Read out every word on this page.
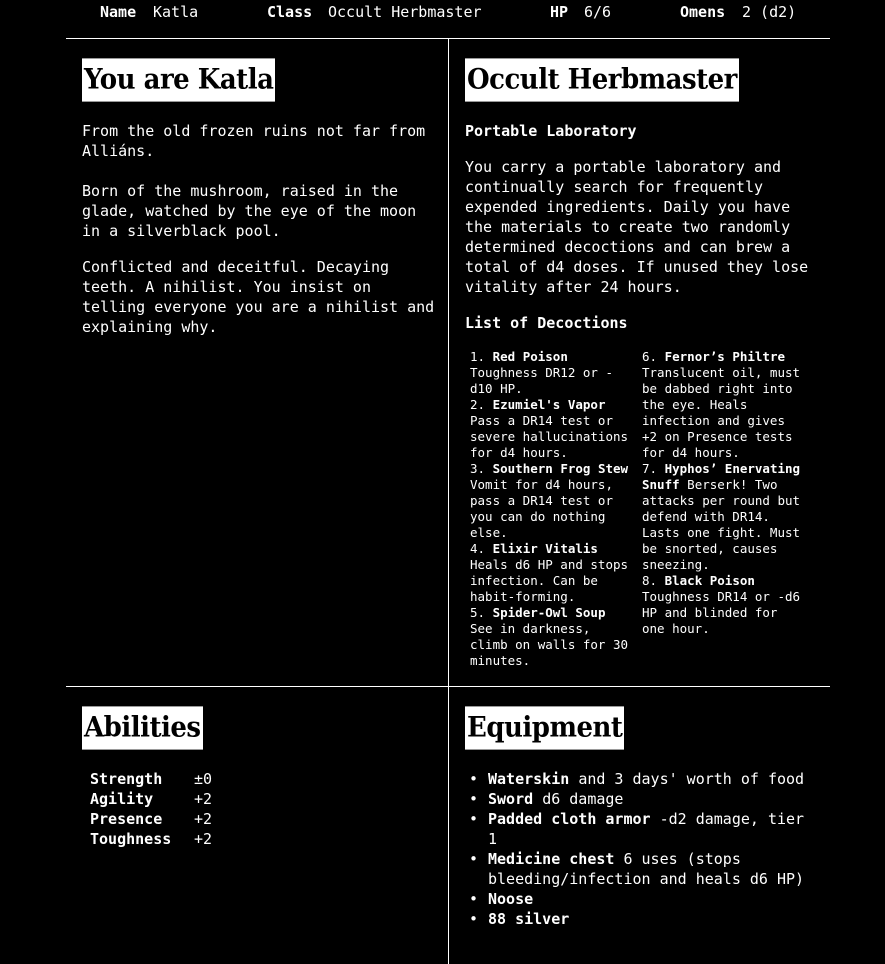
Name Katla	Class Occult Herbmaster	HP 6/6	Omens 2 (d2)
You are Katla

From the old frozen ruins not far from Alliáns.

Born of the mushroom, raised in the glade, watched by the eye of the moon in a silverblack pool.

Conflicted and deceitful. Decaying teeth. A nihilist. You insist on telling everyone you are a nihilist and explaining why.

Occult Herbmaster

Portable Laboratory

You carry a portable laboratory and continually search for frequently expended ingredients. Daily you have the materials to create two randomly determined decoctions and can brew a total of d4 doses. If unused they lose vitality after 24 hours.

List of Decoctions

1. Red Poison
Toughness DR12 or -d10 HP.
2. Ezumiel's Vapor
Pass a DR14 test or severe hallucinations for d4 hours.
3. Southern Frog Stew
Vomit for d4 hours, pass a DR14 test or you can do nothing else.
4. Elixir Vitalis
Heals d6 HP and stops infection. Can be habit-forming.
5. Spider-Owl Soup See in darkness, climb on walls for 30 minutes.
6. Fernor’s Philtre
Translucent oil, must be dabbed right into the eye. Heals infection and gives +2 on Presence tests for d4 hours.
7. Hyphos’ Enervating Snuff Berserk! Two attacks per round but defend with DR14. Lasts one fight. Must be snorted, causes sneezing.
8. Black Poison
Toughness DR14 or -d6 HP and blinded for one hour.
Abilities
Strength ±0
Agility	+2
Presence +2
Toughness +2
Equipment
• Waterskin and 3 days' worth of food
• Sword d6 damage
• Padded cloth armor -d2 damage, tier 1
• Medicine chest 6 uses (stops bleeding/infection and heals d6 HP)
• Noose
• 88 silver
